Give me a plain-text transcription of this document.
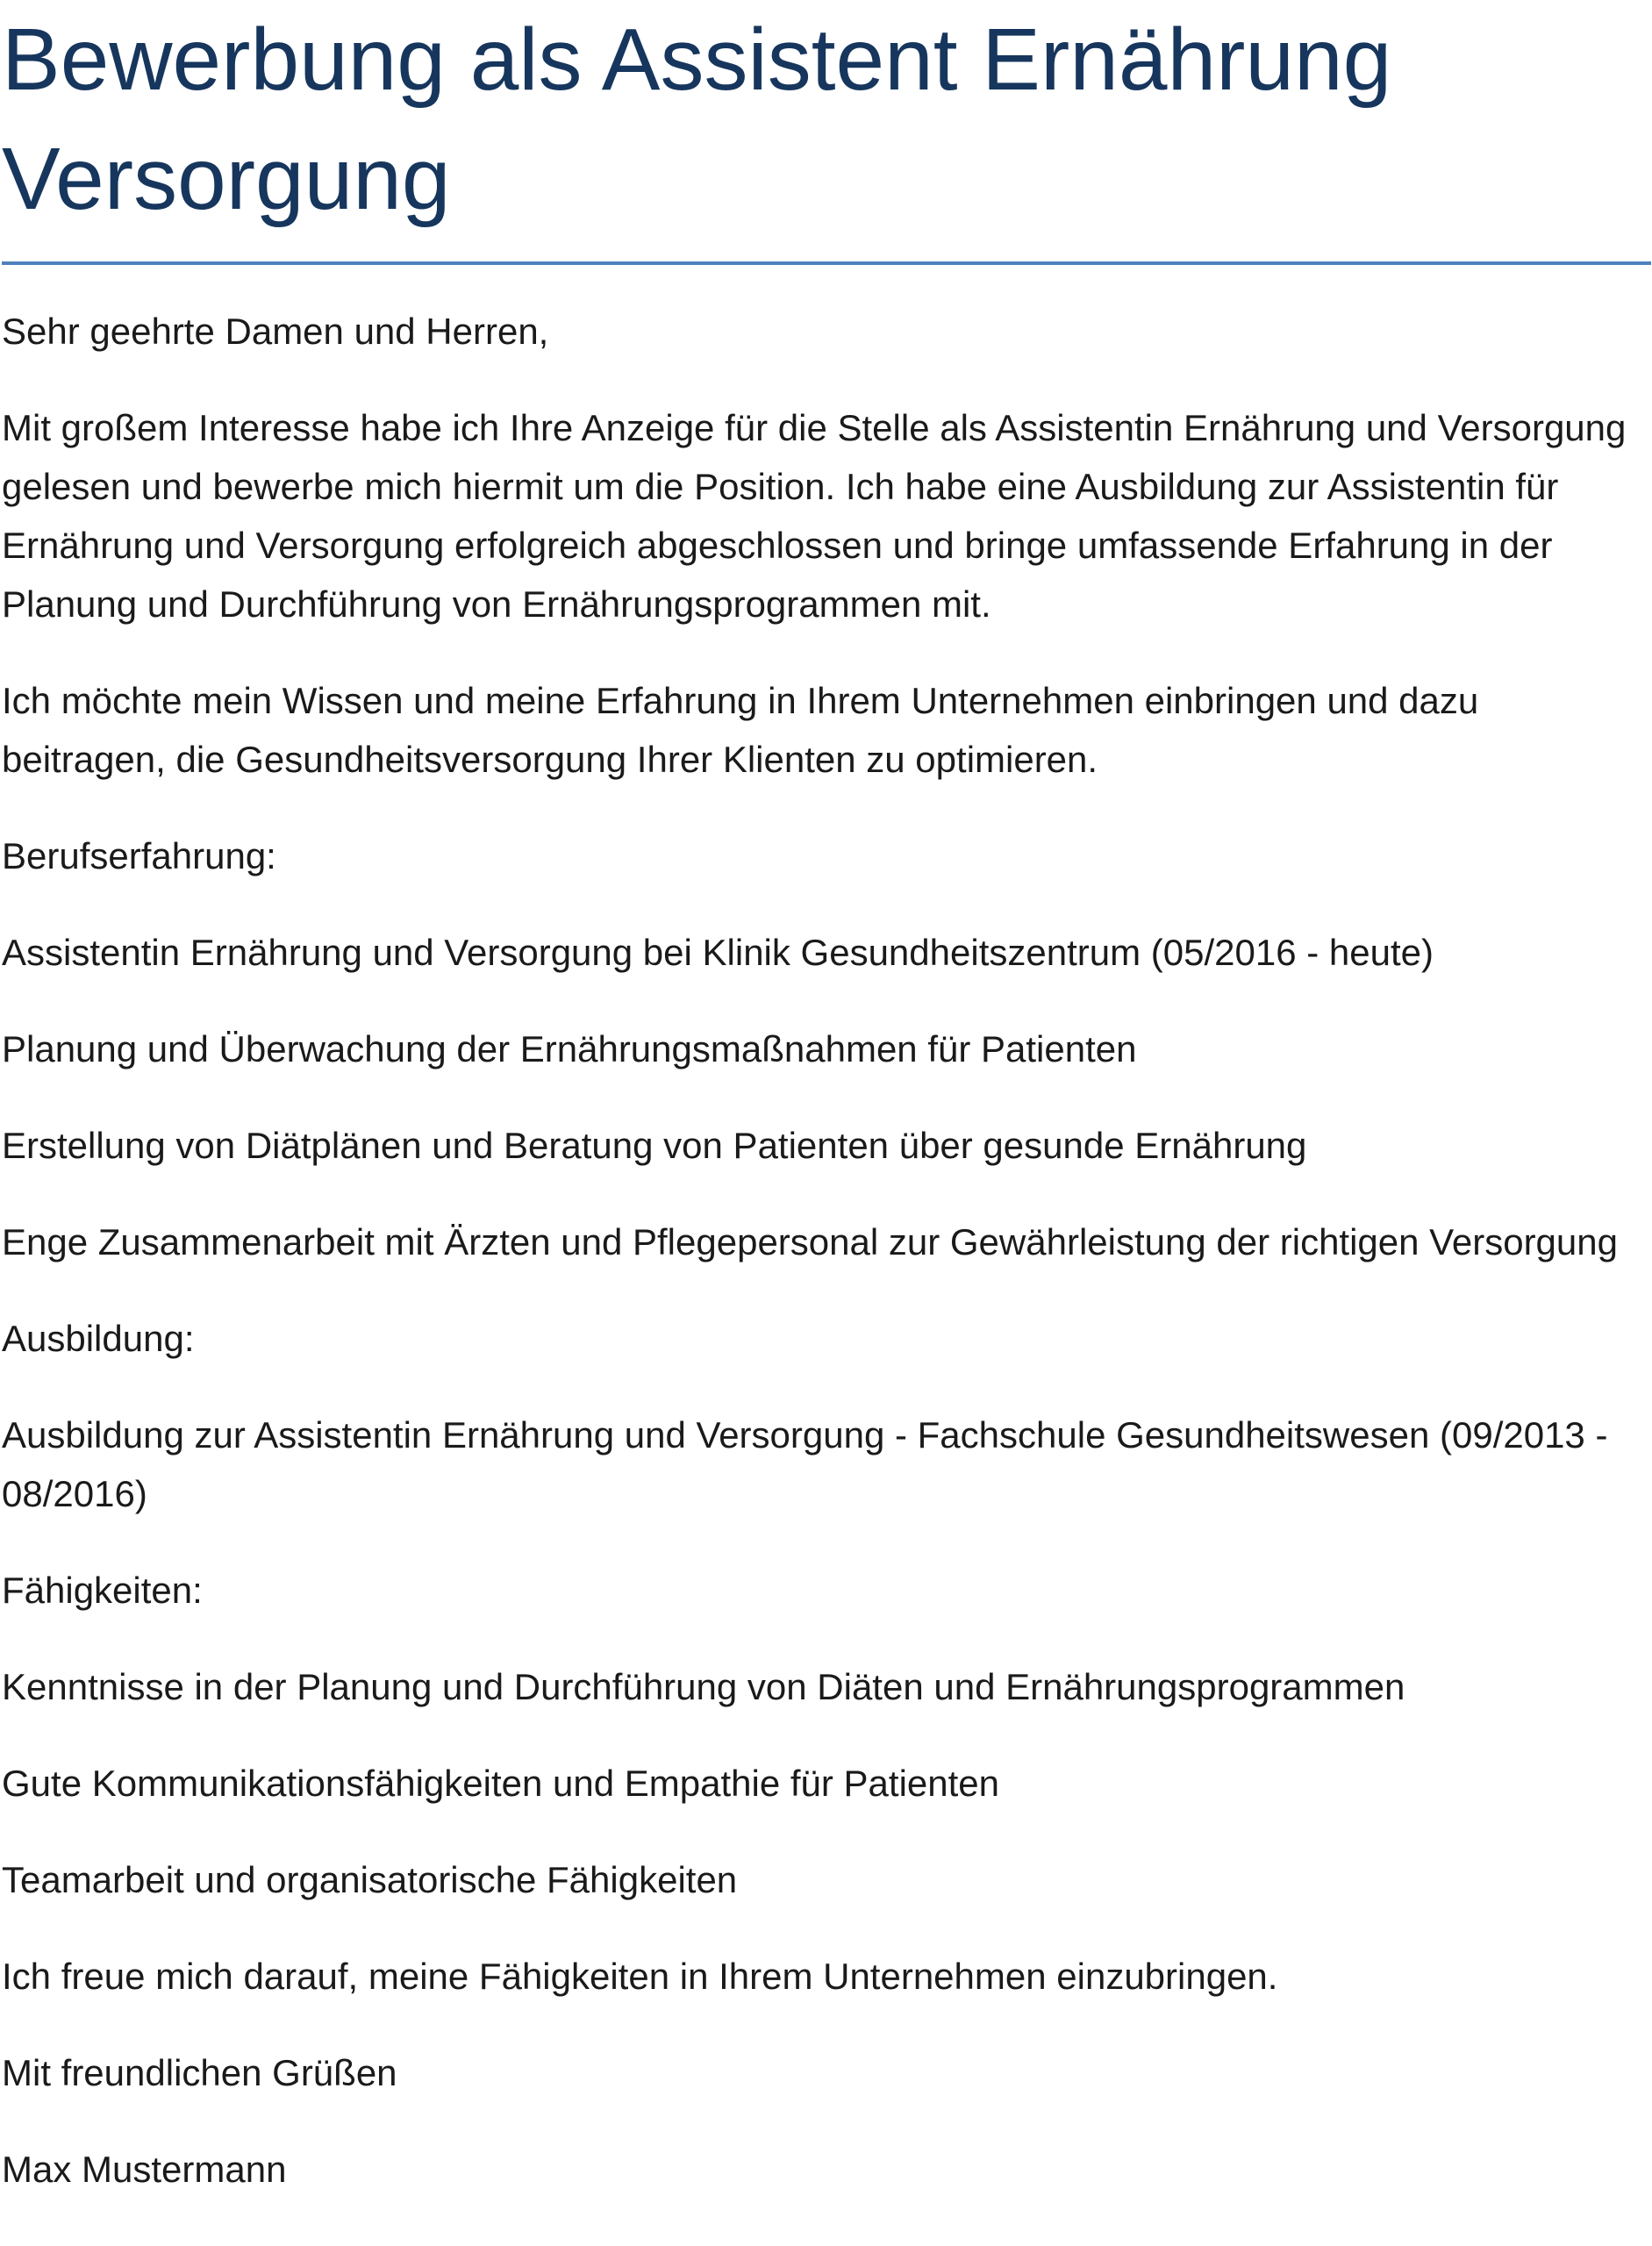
Bewerbung als Assistent Ernährung Versorgung

Sehr geehrte Damen und Herren,

Mit großem Interesse habe ich Ihre Anzeige für die Stelle als Assistentin Ernährung und Versorgung gelesen und bewerbe mich hiermit um die Position. Ich habe eine Ausbildung zur Assistentin für Ernährung und Versorgung erfolgreich abgeschlossen und bringe umfassende Erfahrung in der Planung und Durchführung von Ernährungsprogrammen mit.

Ich möchte mein Wissen und meine Erfahrung in Ihrem Unternehmen einbringen und dazu beitragen, die Gesundheitsversorgung Ihrer Klienten zu optimieren.

Berufserfahrung:

Assistentin Ernährung und Versorgung bei Klinik Gesundheitszentrum (05/2016 - heute)

Planung und Überwachung der Ernährungsmaßnahmen für Patienten

Erstellung von Diätplänen und Beratung von Patienten über gesunde Ernährung

Enge Zusammenarbeit mit Ärzten und Pflegepersonal zur Gewährleistung der richtigen Versorgung

Ausbildung:

Ausbildung zur Assistentin Ernährung und Versorgung - Fachschule Gesundheitswesen (09/2013 - 08/2016)

Fähigkeiten:

Kenntnisse in der Planung und Durchführung von Diäten und Ernährungsprogrammen

Gute Kommunikationsfähigkeiten und Empathie für Patienten

Teamarbeit und organisatorische Fähigkeiten

Ich freue mich darauf, meine Fähigkeiten in Ihrem Unternehmen einzubringen.

Mit freundlichen Grüßen

Max Mustermann
